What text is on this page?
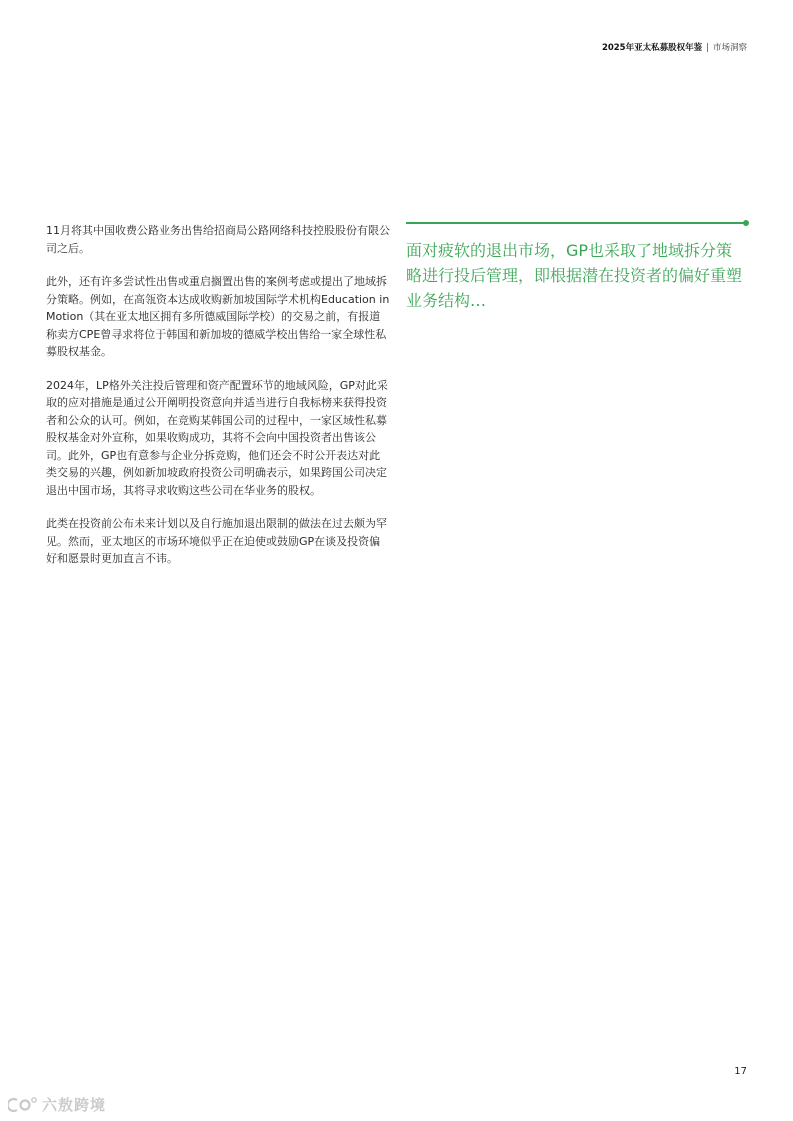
2025年亚太私募股权年鉴 | 市场洞察

11月将其中国收费公路业务出售给招商局公路网络科技控股股份有限公司之后。

此外，还有许多尝试性出售或重启搁置出售的案例考虑或提出了地域拆分策略。例如，在高瓴资本达成收购新加坡国际学术机构Education in Motion（其在亚太地区拥有多所德威国际学校）的交易之前，有报道称卖方CPE曾寻求将位于韩国和新加坡的德威学校出售给一家全球性私募股权基金。

2024年，LP格外关注投后管理和资产配置环节的地域风险，GP对此采取的应对措施是通过公开阐明投资意向并适当进行自我标榜来获得投资者和公众的认可。例如，在竞购某韩国公司的过程中，一家区域性私募股权基金对外宣称，如果收购成功，其将不会向中国投资者出售该公司。此外，GP也有意参与企业分拆竞购，他们还会不时公开表达对此类交易的兴趣，例如新加坡政府投资公司明确表示，如果跨国公司决定退出中国市场，其将寻求收购这些公司在华业务的股权。

此类在投资前公布未来计划以及自行施加退出限制的做法在过去颇为罕见。然而，亚太地区的市场环境似乎正在迫使或鼓励GP在谈及投资偏好和愿景时更加直言不讳。

面对疲软的退出市场，GP也采取了地域拆分策略进行投后管理，即根据潜在投资者的偏好重塑业务结构…
17
六敖跨境
